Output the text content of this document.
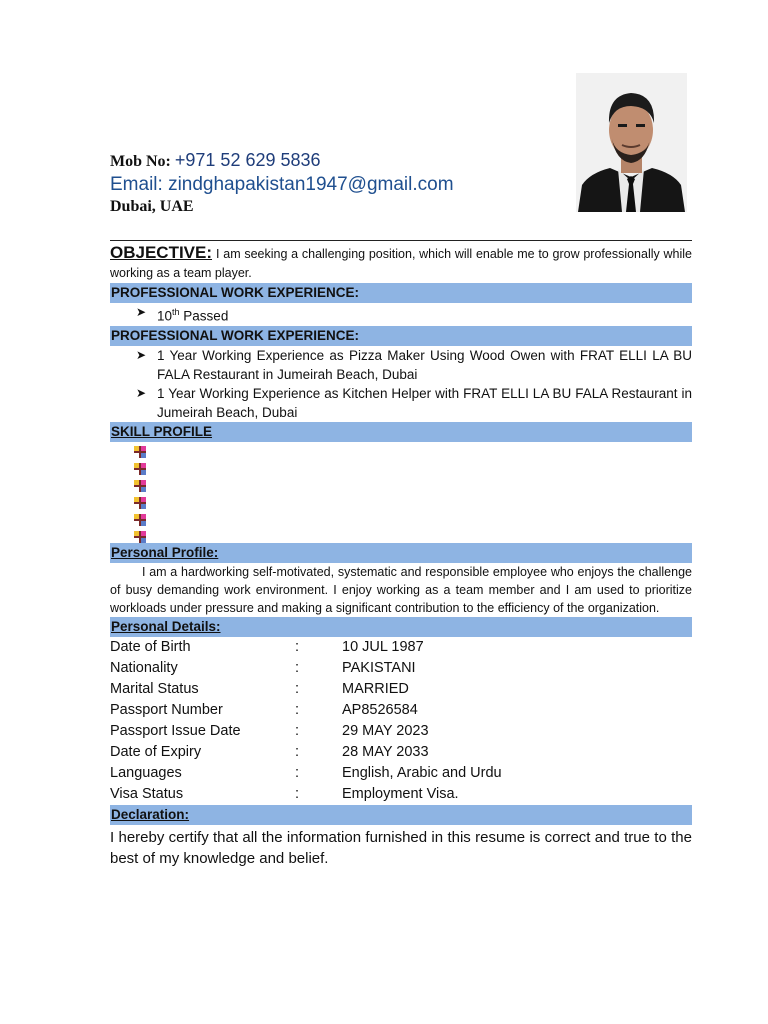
Mob No: +971 52 629 5836
Email: zindghapakistan1947@gmail.com
Dubai, UAE
OBJECTIVE: I am seeking a challenging position, which will enable me to grow professionally while working as a team player.
PROFESSIONAL WORK EXPERIENCE:
➤ 10th Passed
PROFESSIONAL WORK EXPERIENCE:
➤ 1 Year Working Experience as Pizza Maker Using Wood Owen with FRAT ELLI LA BU FALA Restaurant in Jumeirah Beach, Dubai
➤ 1 Year Working Experience as Kitchen Helper with FRAT ELLI LA BU FALA Restaurant in Jumeirah Beach, Dubai
SKILL PROFILE
Personal Profile:

I am a hardworking self-motivated, systematic and responsible employee who enjoys the challenge of busy demanding work environment. I enjoy working as a team member and I am used to prioritize workloads under pressure and making a significant contribution to the efficiency of the organization.

Personal Details:
Date of Birth	:	10 JUL 1987
Nationality	:	PAKISTANI
Marital Status	:	MARRIED
Passport Number	:	AP8526584
Passport Issue Date	:	29 MAY 2023
Date of Expiry	:	28 MAY 2033
Languages	:	English, Arabic and Urdu
Visa Status	:	Employment Visa.
Declaration:
I hereby certify that all the information furnished in this resume is correct and true to the best of my knowledge and belief.
